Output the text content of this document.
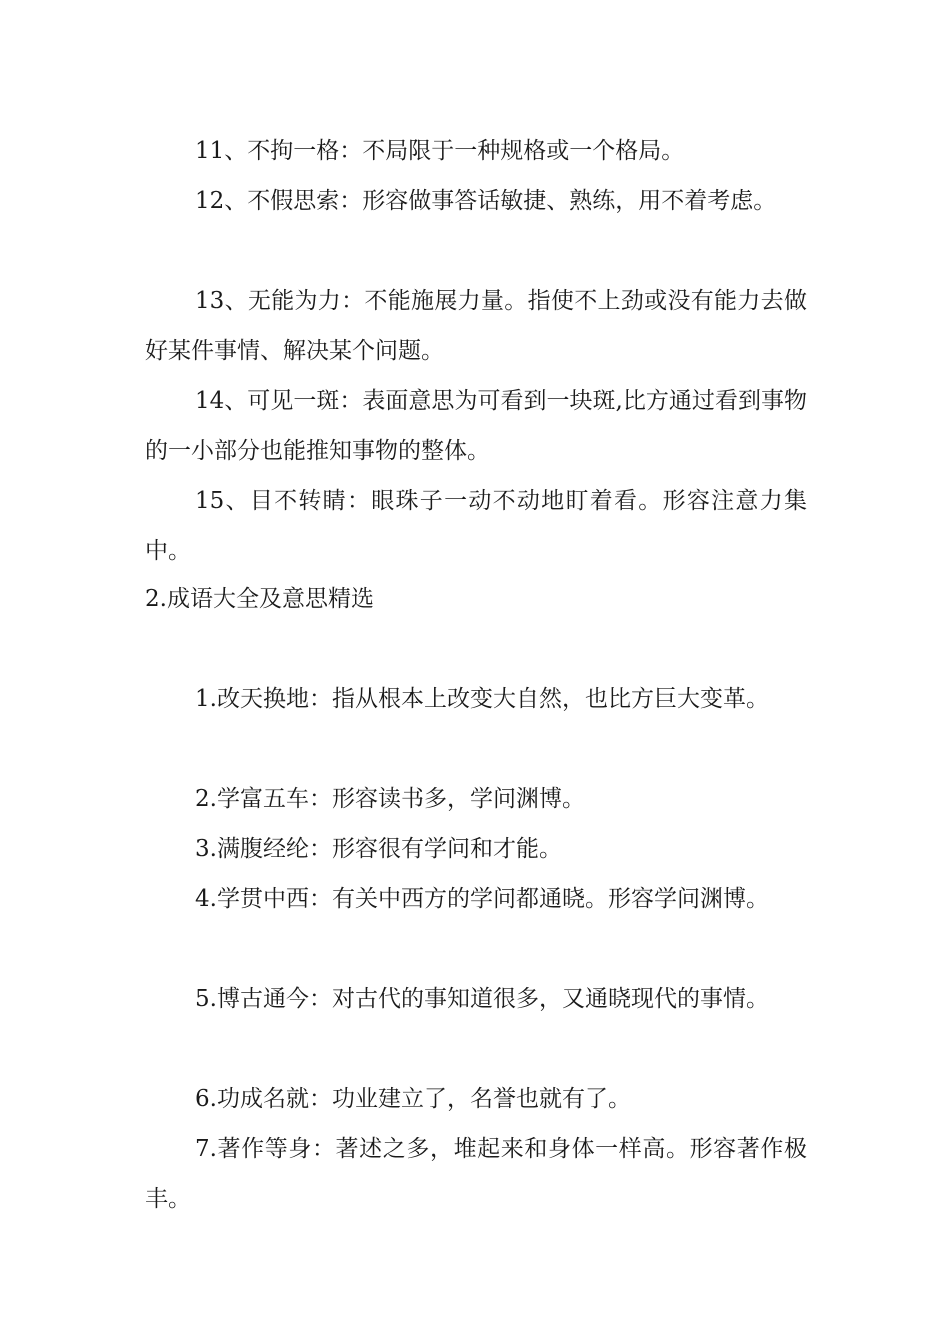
11、不拘一格：不局限于一种规格或一个格局。

12、不假思索：形容做事答话敏捷、熟练，用不着考虑。

13、无能为力：不能施展力量。指使不上劲或没有能力去做好某件事情、解决某个问题。

14、可见一斑：表面意思为可看到一块斑,比方通过看到事物的一小部分也能推知事物的整体。

15、目不转睛：眼珠子一动不动地盯着看。形容注意力集中。

2.成语大全及意思精选

1.改天换地：指从根本上改变大自然，也比方巨大变革。

2.学富五车：形容读书多，学问渊博。

3.满腹经纶：形容很有学问和才能。

4.学贯中西：有关中西方的学问都通晓。形容学问渊博。

5.博古通今：对古代的事知道很多，又通晓现代的事情。

6.功成名就：功业建立了，名誉也就有了。

7.著作等身：著述之多，堆起来和身体一样高。形容著作极丰。
